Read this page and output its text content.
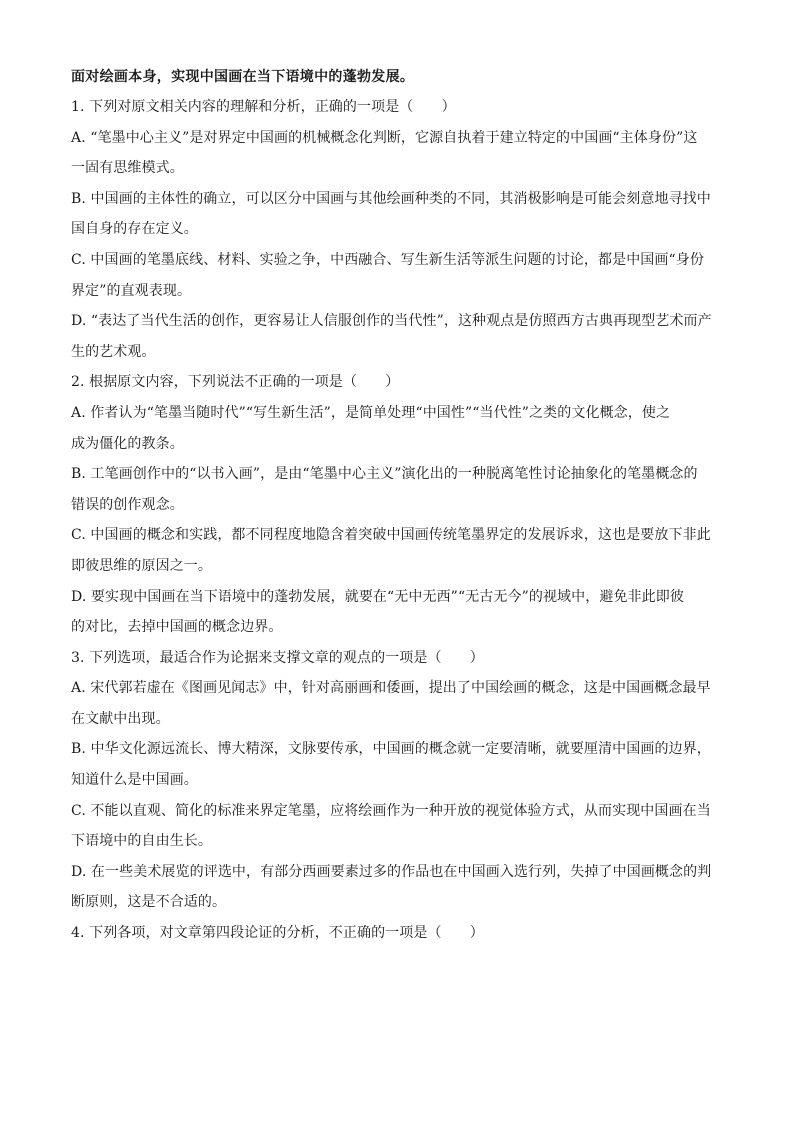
面对绘画本身，实现中国画在当下语境中的蓬勃发展。
1. 下列对原文相关内容的理解和分析，正确的一项是（　　）
A. “笔墨中心主义”是对界定中国画的机械概念化判断，它源自执着于建立特定的中国画“主体身份”这
一固有思维模式。
B. 中国画的主体性的确立，可以区分中国画与其他绘画种类的不同，其消极影响是可能会刻意地寻找中
国自身的存在定义。
C. 中国画的笔墨底线、材料、实验之争，中西融合、写生新生活等派生问题的讨论，都是中国画“身份
界定”的直观表现。
D. “表达了当代生活的创作，更容易让人信服创作的当代性”，这种观点是仿照西方古典再现型艺术而产
生的艺术观。
2. 根据原文内容，下列说法不正确的一项是（　　）
A. 作者认为“笔墨当随时代”“写生新生活”，是简单处理“中国性”“当代性”之类的文化概念，使之
成为僵化的教条。
B. 工笔画创作中的“以书入画”，是由“笔墨中心主义”演化出的一种脱离笔性讨论抽象化的笔墨概念的
错误的创作观念。
C. 中国画的概念和实践，都不同程度地隐含着突破中国画传统笔墨界定的发展诉求，这也是要放下非此
即彼思维的原因之一。
D. 要实现中国画在当下语境中的蓬勃发展，就要在“无中无西”“无古无今”的视域中，避免非此即彼
的对比，去掉中国画的概念边界。
3. 下列选项，最适合作为论据来支撑文章的观点的一项是（　　）
A. 宋代郭若虚在《图画见闻志》中，针对高丽画和倭画，提出了中国绘画的概念，这是中国画概念最早
在文献中出现。
B. 中华文化源远流长、博大精深，文脉要传承，中国画的概念就一定要清晰，就要厘清中国画的边界，
知道什么是中国画。
C. 不能以直观、简化的标准来界定笔墨，应将绘画作为一种开放的视觉体验方式，从而实现中国画在当
下语境中的自由生长。
D. 在一些美术展览的评选中，有部分西画要素过多的作品也在中国画入选行列，失掉了中国画概念的判
断原则，这是不合适的。
4. 下列各项，对文章第四段论证的分析，不正确的一项是（　　）
